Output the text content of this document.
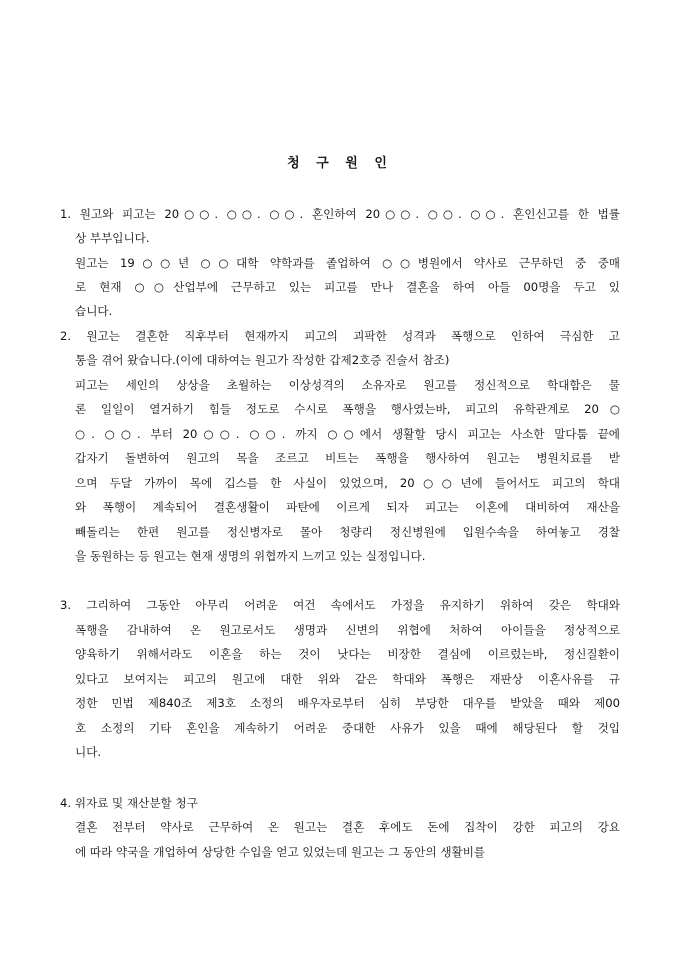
청 구 원 인
1. 원고와 피고는 20○○. ○○. ○○. 혼인하여 20○○. ○○. ○○. 혼인신고를 한 법률
상 부부입니다.
원고는 19○○년 ○○대학 약학과를 졸업하여 ○○병원에서 약사로 근무하던 중 중매
로 현재 ○○산업부에 근무하고 있는 피고를 만나 결혼을 하여 아들 00명을 두고 있
습니다.
2. 원고는 결혼한 직후부터 현재까지 피고의 괴팍한 성격과 폭행으로 인하여 극심한 고
통을 겪어 왔습니다.(이에 대하여는 원고가 작성한 갑제2호증 진술서 참조)
피고는 세인의 상상을 초월하는 이상성격의 소유자로 원고를 정신적으로 학대함은 물
론 일일이 열거하기 힘들 정도로 수시로 폭행을 행사였는바, 피고의 유학관계로 20○
○. ○○. 부터 20○○. ○○. 까지 ○○에서 생활할 당시 피고는 사소한 말다툼 끝에
갑자기 돌변하여 원고의 목을 조르고 비트는 폭행을 행사하여 원고는 병원치료를 받
으며 두달 가까이 목에 깁스를 한 사실이 있었으며, 20○○년에 들어서도 피고의 학대
와 폭행이 계속되어 결혼생활이 파탄에 이르게 되자 피고는 이혼에 대비하여 재산을
빼돌리는 한편 원고를 정신병자로 몰아 청량리 정신병원에 입원수속을 하여놓고 경찰
을 동원하는 등 원고는 현재 생명의 위협까지 느끼고 있는 실정입니다.
3. 그리하여 그동안 아무리 어려운 여건 속에서도 가정을 유지하기 위하여 갖은 학대와
폭행을 감내하여 온 원고로서도 생명과 신변의 위협에 처하여 아이들을 정상적으로
양육하기 위해서라도 이혼을 하는 것이 낫다는 비장한 결심에 이르렀는바, 정신질환이
있다고 보여지는 피고의 원고에 대한 위와 같은 학대와 폭행은 재판상 이혼사유를 규
정한 민법 제840조 제3호 소정의 배우자로부터 심히 부당한 대우를 받았을 때와 제00
호 소정의 기타 혼인을 계속하기 어려운 중대한 사유가 있을 때에 해당된다 할 것입
니다.
4. 위자료 및 재산분할 청구
결혼 전부터 약사로 근무하여 온 원고는 결혼 후에도 돈에 집착이 강한 피고의 강요
에 따라 약국을 개업하여 상당한 수입을 얻고 있었는데 원고는 그 동안의 생활비를
